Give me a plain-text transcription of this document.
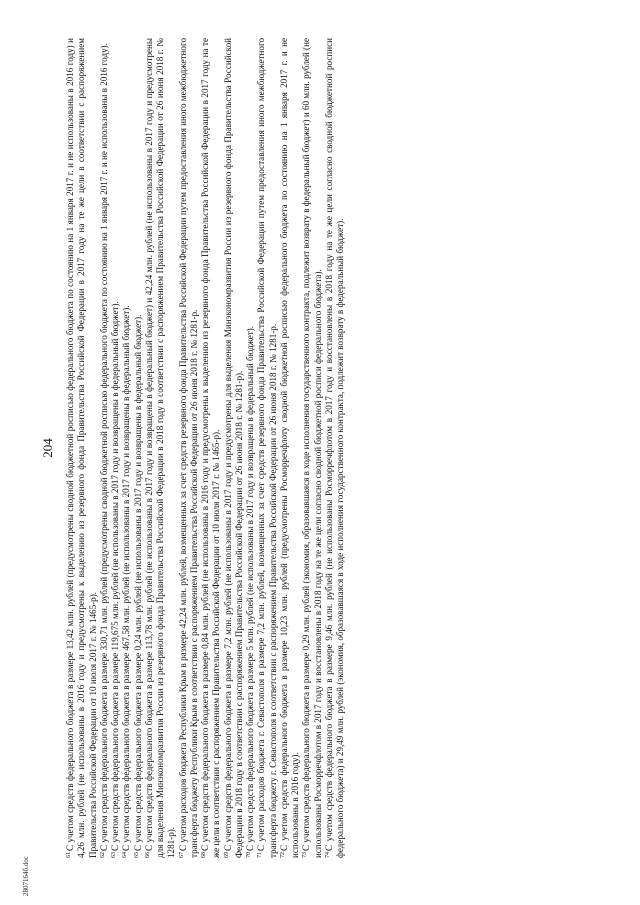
204

$^{61}$С учетом средств федерального бюджета в размере 13,42 млн. рублей (предусмотрены сводной бюджетной росписью федерального бюджета по состоянию на 1 января 2017 г. и не использованы в 2016 году) и 4,26 млн. рублей (не использованы в 2016 году и предусмотрены к выделению из резервного фонда Правительства Российской Федерации в 2017 году на те же цели в соответствии с распоряжением Правительства Российской Федерации от 10 июля 2017 г. № 1465-р). $^{62}$С учетом средств федерального бюджета в размере 330,71 млн. рублей (предусмотрены сводной бюджетной росписью федерального бюджета по состоянию на 1 января 2017 г. и не использованы в 2016 году).

$^{63}$С учетом средств федерального бюджета в размере 119,675 млн. рублей (не использованы в 2017 году и возвращены в федеральный бюджет).

$^{64}$С учетом средств федерального бюджета в размере 467,58 млн. рублей (не использованы в 2017 году и возвращены в федеральный бюджет).

$^{65}$С учетом средств федерального бюджета в размере 0,24 млн. рублей (не использованы в 2017 году и возвращены в федеральный бюджет).

$^{66}$С учетом средств федерального бюджета в размере 113,78 млн. рублей (не использованы в 2017 году и возвращены в федеральный бюджет) и 42,24 млн. рублей (не использованы в 2017 году и предусмотрены для выделения Минэкономразвития России из резервного фонда Правительства Российской Федерации в 2018 году в соответствии с распоряжением Правительства Российской Федерации от 26 июня 2018 г. № 1281-р). $^{67}$С учетом расходов бюджета Республики Крым в размере 42,24 млн. рублей, возмещенных за счет средств резервного фонда Правительства Российской Федерации путем предоставления иного межбюджетного трансферта бюджету Республики Крым в соответствии с распоряжением Правительства Российской Федерации от 26 июня 2018 г. № 1281-р. $^{68}$С учетом средств федерального бюджета в размере 0,84 млн. рублей (не использованы в 2016 году и предусмотрены к выделению из резервного фонда Правительства Российской Федерации в 2017 году на те же цели в соответствии с распоряжением Правительства Российской Федерации от 10 июля 2017 г. № 1465-р). $^{69}$С учетом средств федерального бюджета в размере 7,2 млн. рублей (не использованы в 2017 году и предусмотрены для выделения Минэкономразвития России из резервного фонда Правительства Российской Федерации в 2018 году в соответствии с распоряжением Правительства Российской Федерации от 26 июня 2018 г. № 1281-р). $^{70}$С учетом средств федерального бюджета в размере 5 млн. рублей (не использованы в 2017 году и возвращены в федеральный бюджет).

$^{71}$С учетом расходов бюджета г. Севастополя в размере 7,2 млн. рублей, возмещенных за счет средств резервного фонда Правительства Российской Федерации путем предоставления иного межбюджетного трансферта бюджету г. Севастополя в соответствии с распоряжением Правительства Российской Федерации от 26 июня 2018 г. № 1281-р. $^{72}$С учетом средств федерального бюджета в размере 10,23 млн. рублей (предусмотрены Росморречфлоту сводной бюджетной росписью федерального бюджета по состоянию на 1 января 2017 г. и не использованы в 2016 году). $^{73}$С учетом средств федерального бюджета в размере 0,29 млн. рублей (экономия, образовавшаяся в ходе исполнения государственного контракта, подлежит возврату в федеральный бюджет) и 60 млн. рублей (не использованы Росморречфлотом в 2017 году и восстановлены в 2018 году на те же цели согласно сводной бюджетной росписи федерального бюджета). $^{74}$С учетом средств федерального бюджета в размере 9,46 млн. рублей (не использованы Росморречфлотом в 2017 году и восстановлены в 2018 году на те же цели согласно сводной бюджетной росписи федерального бюджета) и 29,49 млн. рублей (экономия, образовавшаяся в ходе исполнения государственного контракта, подлежит возврату в федеральный бюджет).

2807164б.doc
